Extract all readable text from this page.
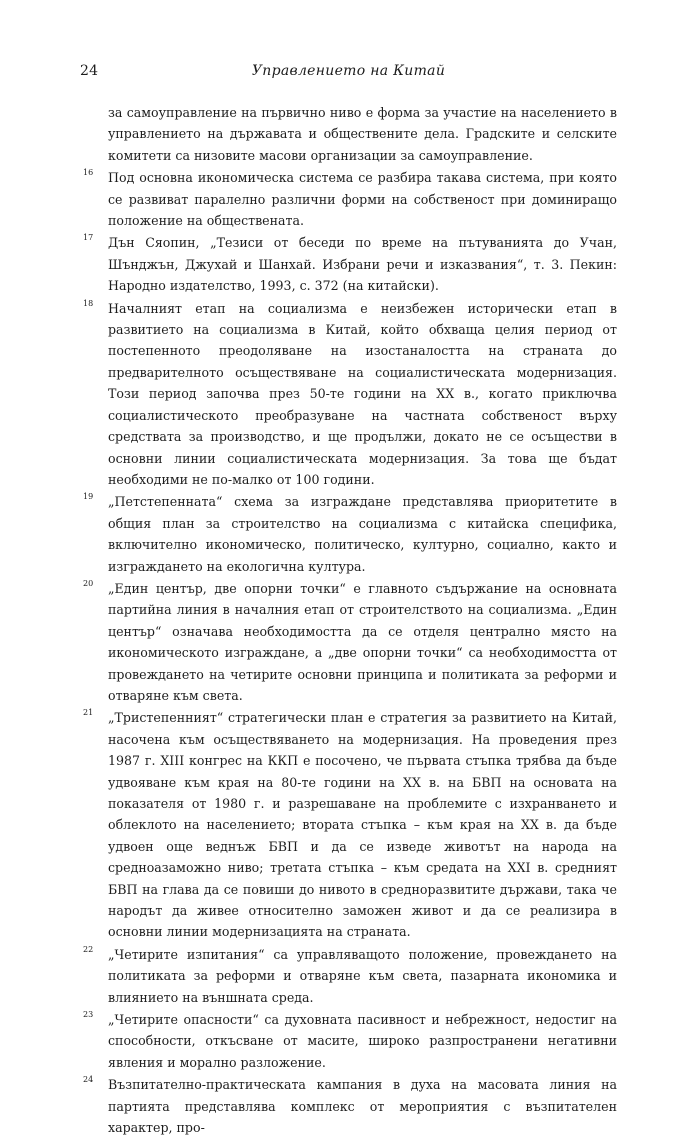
24	Управлението на Китай

за самоуправление на първично ниво е форма за участие на населението в управлението на държавата и обществените дела. Градските и селските комитети са низовите масови организации за самоуправление.

16 Под основна икономическа система се разбира такава система, при която се развиват паралелно различни форми на собственост при доминиращо положение на обществената.

17 Дън Сяопин, „Тезиси от беседи по време на пътуванията до Учан, Шънджън, Джухай и Шанхай. Избрани речи и изказвания“, т. 3. Пекин: Народно издателство, 1993, с. 372 (на китайски).

18 Началният етап на социализма е неизбежен исторически етап в развитието на социализма в Китай, който обхваща целия период от постепенното преодоляване на изостаналостта на страната до предварителното осъществяване на социалистическата модернизация. Този период започва през 50-те години на XX в., когато приключва социалистическото преобразуване на частната собственост върху средствата за производство, и ще продължи, докато не се осъществи в основни линии социалистическата модернизация. За това ще бъдат необходими не по-малко от 100 години.

19 „Петстепенната“ схема за изграждане представлява приоритетите в общия план за строителство на социализма с китайска специфика, включително икономическо, политическо, културно, социално, както и изграждането на екологична култура.

20 „Един център, две опорни точки“ е главното съдържание на основната партийна линия в началния етап от строителството на социализма. „Един център“ означава необходимостта да се отделя централно място на икономическото изграждане, а „две опорни точки“ са необходимостта от провеждането на четирите основни принципа и политиката за реформи и отваряне към света.

21 „Тристепенният“ стратегически план е стратегия за развитието на Китай, насочена към осъществяването на модернизация. На проведения през 1987 г. XIII конгрес на ККП е посочено, че първата стъпка трябва да бъде удвояване към края на 80-те години на XX в. на БВП на основата на показателя от 1980 г. и разрешаване на проблемите с изхранването и облеклото на населението; втората стъпка – към края на XX в. да бъде удвоен още веднъж БВП и да се изведе животът на народа на средноазаможно ниво; третата стъпка – към средата на XXI в. средният БВП на глава да се повиши до нивото в средноразвитите държави, така че народът да живее относително заможен живот и да се реализира в основни линии модернизацията на страната.

22 „Четирите изпитания“ са управляващото положение, провеждането на политиката за реформи и отваряне към света, пазарната икономика и влиянието на външната среда.

23 „Четирите опасности“ са духовната пасивност и небрежност, недостиг на способности, откъсване от масите, широко разпространени негативни явления и морално разложение.

24 Възпитателно-практическата кампания в духа на масовата линия на партията представлява комплекс от мероприятия с възпитателен характер, про-
